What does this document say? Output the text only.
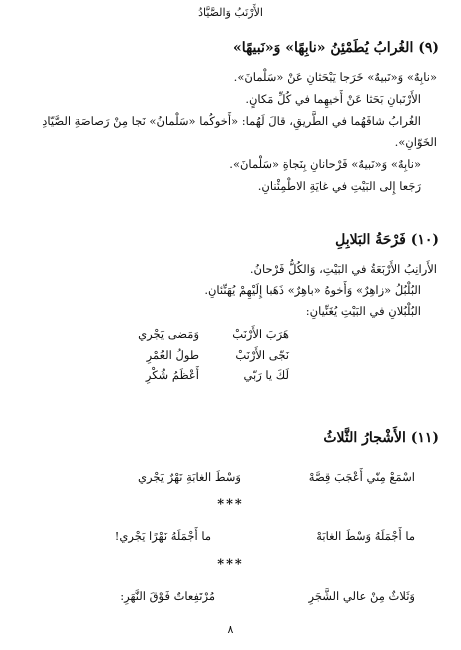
الأَرْنَبُ وَالصَّيَّادُ
(٩) الغُرابُ يُطَمْئِنُ «نابِهًا» وَ«نَبيهًا»
«نابِهٌ» وَ«نَبيهٌ» خَرَجا يَبْحَثانِ عَنْ «سَلْمانَ».
الأَرْنَبانِ بَحَثا عَنْ أَخيهِما في كُلِّ مَكانٍ.
الغُرابُ شافَهُما في الطَّريقِ، قالَ لَهُما: «أَخوكُما «سَلْمانُ» نَجا مِنْ رَصاصَةِ الصَّيّادِ
الخَوّانِ».
«نابِهٌ» وَ«نَبيهٌ» فَرْحانانِ بِنَجاةِ «سَلْمانَ».
رَجَعا إِلى البَيْتِ في غايَةِ الاطْمِئْنانِ.
(١٠) فَرْحَةُ البَلابِلِ
الأَرانِبُ الأَرْبَعَةُ في البَيْتِ، وَالكُلُّ فَرْحانُ.
البُلْبُلُ «زاهِرٌ» وَأَخوهُ «باهِرٌ» ذَهَبا إِلَيْهِمْ يُهَنِّئانِ.
البُلْبُلانِ في البَيْتِ يُغَنِّيانِ:
هَرَبَ الأَرْنَبْ
وَمَضى يَجْري
نَجّى الأَرْنَبْ
طولُ العُمْرِ
لَكَ يا رَبّي
أَعْظَمُ شُكْرِ
(١١) الأَشْجارُ الثَّلاثُ
اسْمَعْ مِنّي أَعْجَبَ قِصَّهْ
وَسْطَ الغابَةِ نَهْرٌ يَجْري
***
ما أَجْمَلَهُ وَسْطَ الغابَهْ
ما أَجْمَلَهُ نَهْرًا يَجْري!
***
وَثَلاثٌ مِنْ عالي الشَّجَرِ
مُرْتَفِعاتٌ فَوْقَ النَّهَرِ:
٨
